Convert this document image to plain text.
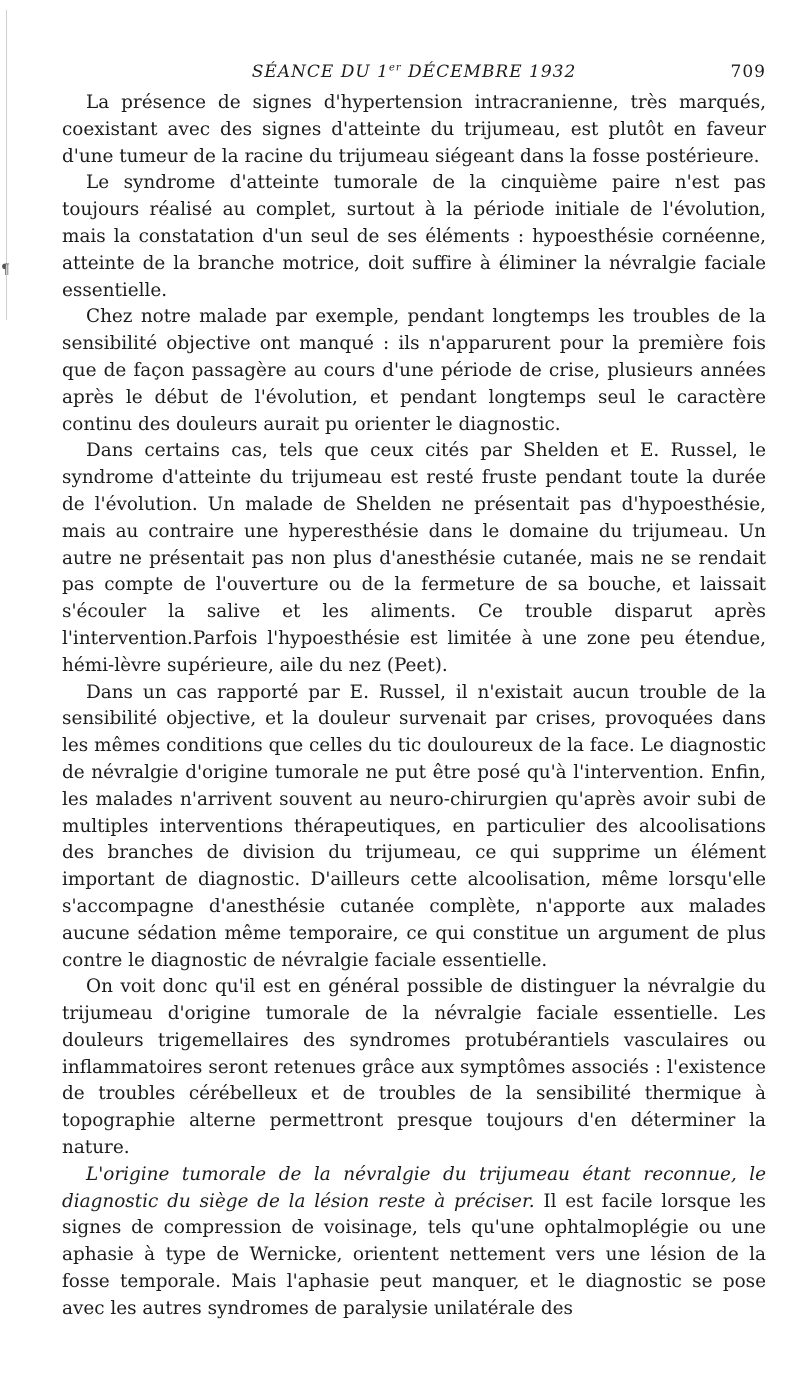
¶
SÉANCE DU 1er DÉCEMBRE 1932	709

La présence de signes d'hypertension intracranienne, très marqués, coexistant avec des signes d'atteinte du trijumeau, est plutôt en faveur d'une tumeur de la racine du trijumeau siégeant dans la fosse postérieure.

Le syndrome d'atteinte tumorale de la cinquième paire n'est pas toujours réalisé au complet, surtout à la période initiale de l'évolution, mais la constatation d'un seul de ses éléments : hypoesthésie cornéenne, atteinte de la branche motrice, doit suffire à éliminer la névralgie faciale essentielle.

Chez notre malade par exemple, pendant longtemps les troubles de la sensibilité objective ont manqué : ils n'apparurent pour la première fois que de façon passagère au cours d'une période de crise, plusieurs années après le début de l'évolution, et pendant longtemps seul le caractère continu des douleurs aurait pu orienter le diagnostic.

Dans certains cas, tels que ceux cités par Shelden et E. Russel, le syndrome d'atteinte du trijumeau est resté fruste pendant toute la durée de l'évolution. Un malade de Shelden ne présentait pas d'hypoesthésie, mais au contraire une hyperesthésie dans le domaine du trijumeau. Un autre ne présentait pas non plus d'anesthésie cutanée, mais ne se rendait pas compte de l'ouverture ou de la fermeture de sa bouche, et laissait s'écouler la salive et les aliments. Ce trouble disparut après l'intervention.Parfois l'hypoesthésie est limitée à une zone peu étendue, hémi-lèvre supérieure, aile du nez (Peet).

Dans un cas rapporté par E. Russel, il n'existait aucun trouble de la sensibilité objective, et la douleur survenait par crises, provoquées dans les mêmes conditions que celles du tic douloureux de la face. Le diagnostic de névralgie d'origine tumorale ne put être posé qu'à l'intervention. Enfin, les malades n'arrivent souvent au neuro-chirurgien qu'après avoir subi de multiples interventions thérapeutiques, en particulier des alcoolisations des branches de division du trijumeau, ce qui supprime un élément important de diagnostic. D'ailleurs cette alcoolisation, même lorsqu'elle s'accompagne d'anesthésie cutanée complète, n'apporte aux malades aucune sédation même temporaire, ce qui constitue un argument de plus contre le diagnostic de névralgie faciale essentielle.

On voit donc qu'il est en général possible de distinguer la névralgie du trijumeau d'origine tumorale de la névralgie faciale essentielle. Les douleurs trigemellaires des syndromes protubérantiels vasculaires ou inflammatoires seront retenues grâce aux symptômes associés : l'existence de troubles cérébelleux et de troubles de la sensibilité thermique à topographie alterne permettront presque toujours d'en déterminer la nature.

L'origine tumorale de la névralgie du trijumeau étant reconnue, le diagnostic du siège de la lésion reste à préciser. Il est facile lorsque les signes de compression de voisinage, tels qu'une ophtalmoplégie ou une aphasie à type de Wernicke, orientent nettement vers une lésion de la fosse temporale. Mais l'aphasie peut manquer, et le diagnostic se pose avec les autres syndromes de paralysie unilatérale des
